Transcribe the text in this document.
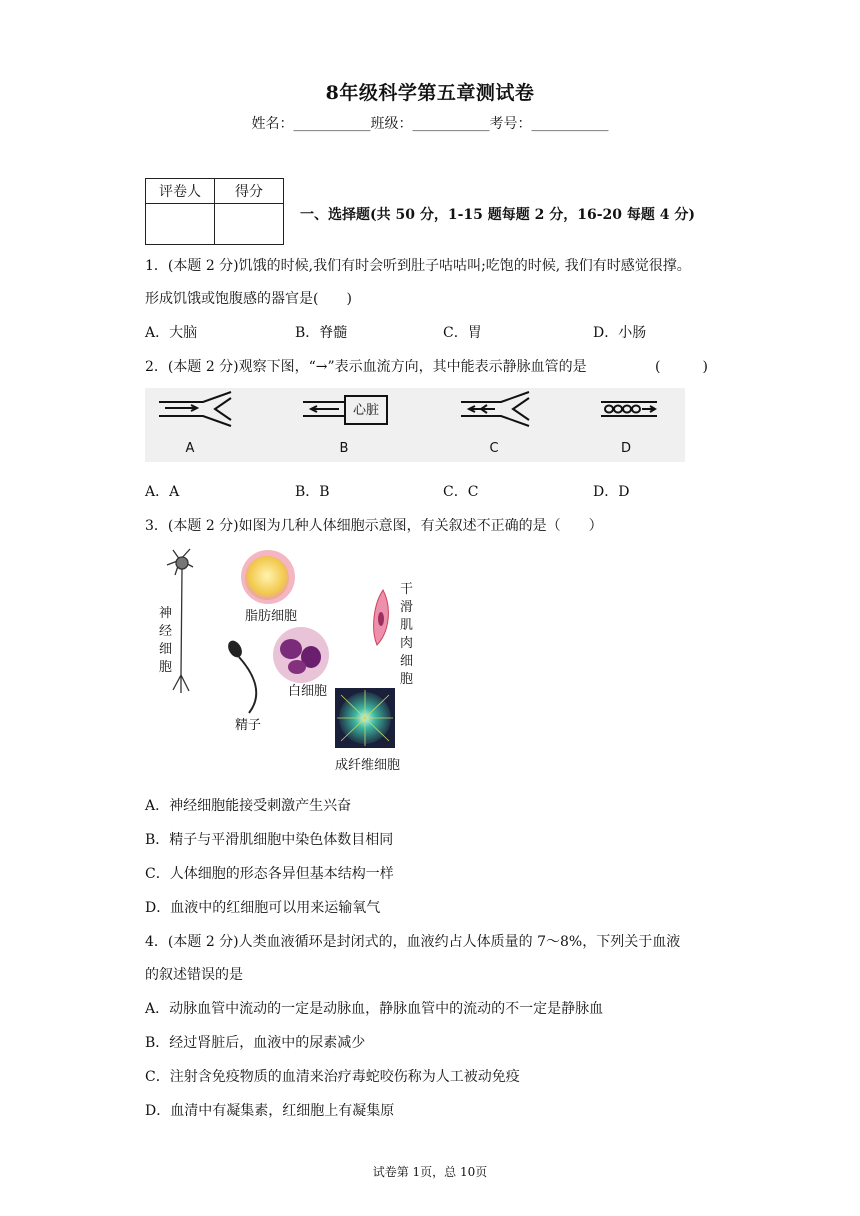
8年级科学第五章测试卷
姓名：___________班级：___________考号：___________
评卷人	得分

一、选择题(共 50 分，1-15 题每题 2 分，16-20 每题 4 分)
1．(本题 2 分)饥饿的时候,我们有时会听到肚子咕咕叫;吃饱的时候, 我们有时感觉很撑。
形成饥饿或饱腹感的器官是(　　)
A．大脑	B．脊髓	C．胃	D．小肠
2．(本题 2 分)观察下图，“→”表示血流方向，其中能表示静脉血管的是	(　　　)
A
心脏
B	C	D
A．A	B．B	C．C	D．D
3．(本题 2 分)如图为几种人体细胞示意图，有关叙述不正确的是（　　）
神
经
细
胞
脂肪细胞
干
滑
肌
肉
细
胞
白细胞
精子
成纤维细胞
A．神经细胞能接受刺激产生兴奋
B．精子与平滑肌细胞中染色体数目相同
C．人体细胞的形态各异但基本结构一样
D．血液中的红细胞可以用来运输氧气
4．(本题 2 分)人类血液循环是封闭式的，血液约占人体质量的 7～8%，下列关于血液
的叙述错误的是
A．动脉血管中流动的一定是动脉血，静脉血管中的流动的不一定是静脉血
B．经过肾脏后，血液中的尿素减少
C．注射含免疫物质的血清来治疗毒蛇咬伤称为人工被动免疫
D．血清中有凝集素，红细胞上有凝集原
试卷第 1页，总 10页
